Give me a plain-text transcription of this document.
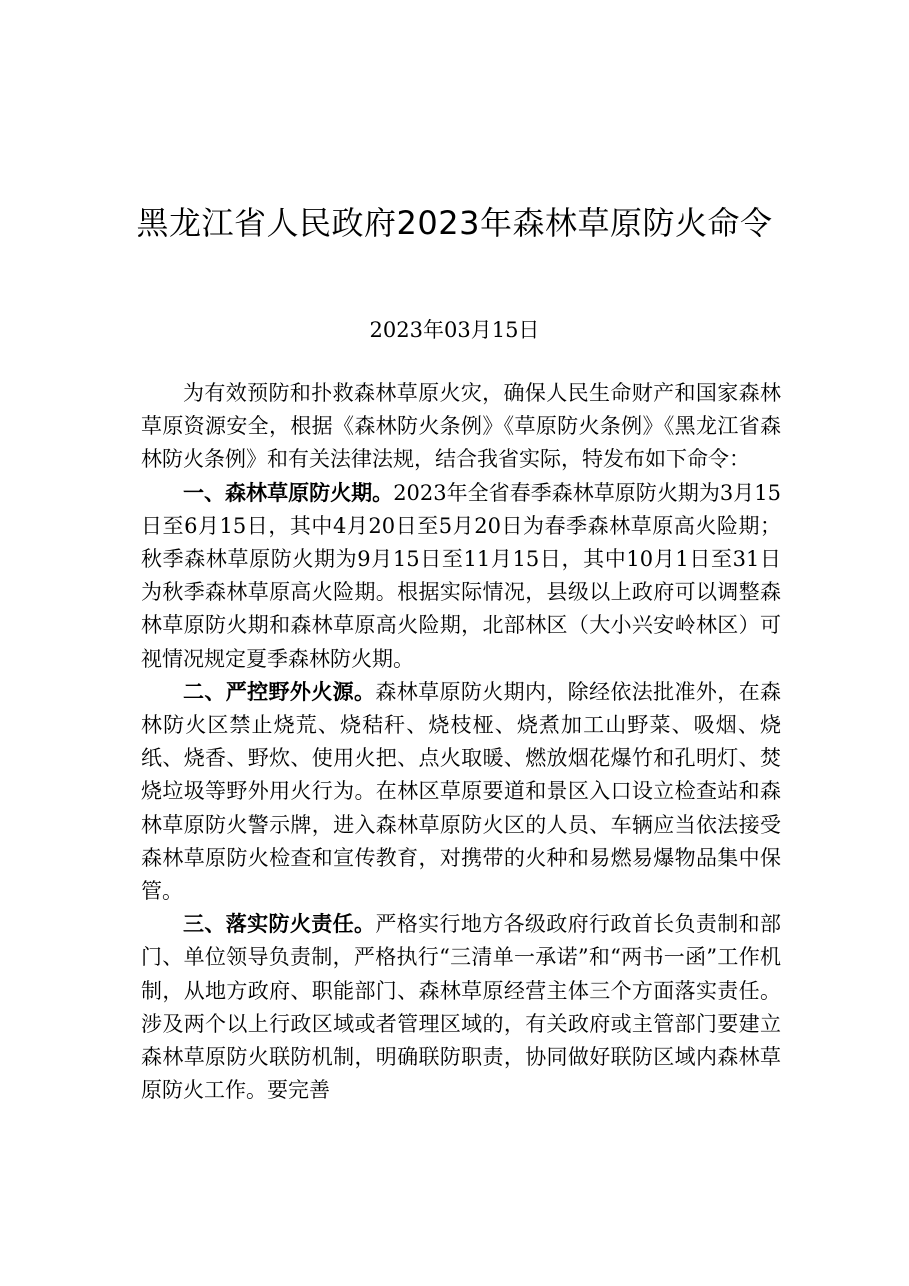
黑龙江省人民政府2023年森林草原防火命令
2023年03月15日

为有效预防和扑救森林草原火灾，确保人民生命财产和国家森林草原资源安全，根据《森林防火条例》《草原防火条例》《黑龙江省森林防火条例》和有关法律法规，结合我省实际，特发布如下命令：

一、森林草原防火期。2023年全省春季森林草原防火期为3月15日至6月15日，其中4月20日至5月20日为春季森林草原高火险期；秋季森林草原防火期为9月15日至11月15日，其中10月1日至31日为秋季森林草原高火险期。根据实际情况，县级以上政府可以调整森林草原防火期和森林草原高火险期，北部林区（大小兴安岭林区）可视情况规定夏季森林防火期。

二、严控野外火源。森林草原防火期内，除经依法批准外，在森林防火区禁止烧荒、烧秸秆、烧枝桠、烧煮加工山野菜、吸烟、烧纸、烧香、野炊、使用火把、点火取暖、燃放烟花爆竹和孔明灯、焚烧垃圾等野外用火行为。在林区草原要道和景区入口设立检查站和森林草原防火警示牌，进入森林草原防火区的人员、车辆应当依法接受森林草原防火检查和宣传教育，对携带的火种和易燃易爆物品集中保管。

三、落实防火责任。严格实行地方各级政府行政首长负责制和部门、单位领导负责制，严格执行“三清单一承诺”和“两书一函”工作机制，从地方政府、职能部门、森林草原经营主体三个方面落实责任。涉及两个以上行政区域或者管理区域的，有关政府或主管部门要建立森林草原防火联防机制，明确联防职责，协同做好联防区域内森林草原防火工作。要完善
